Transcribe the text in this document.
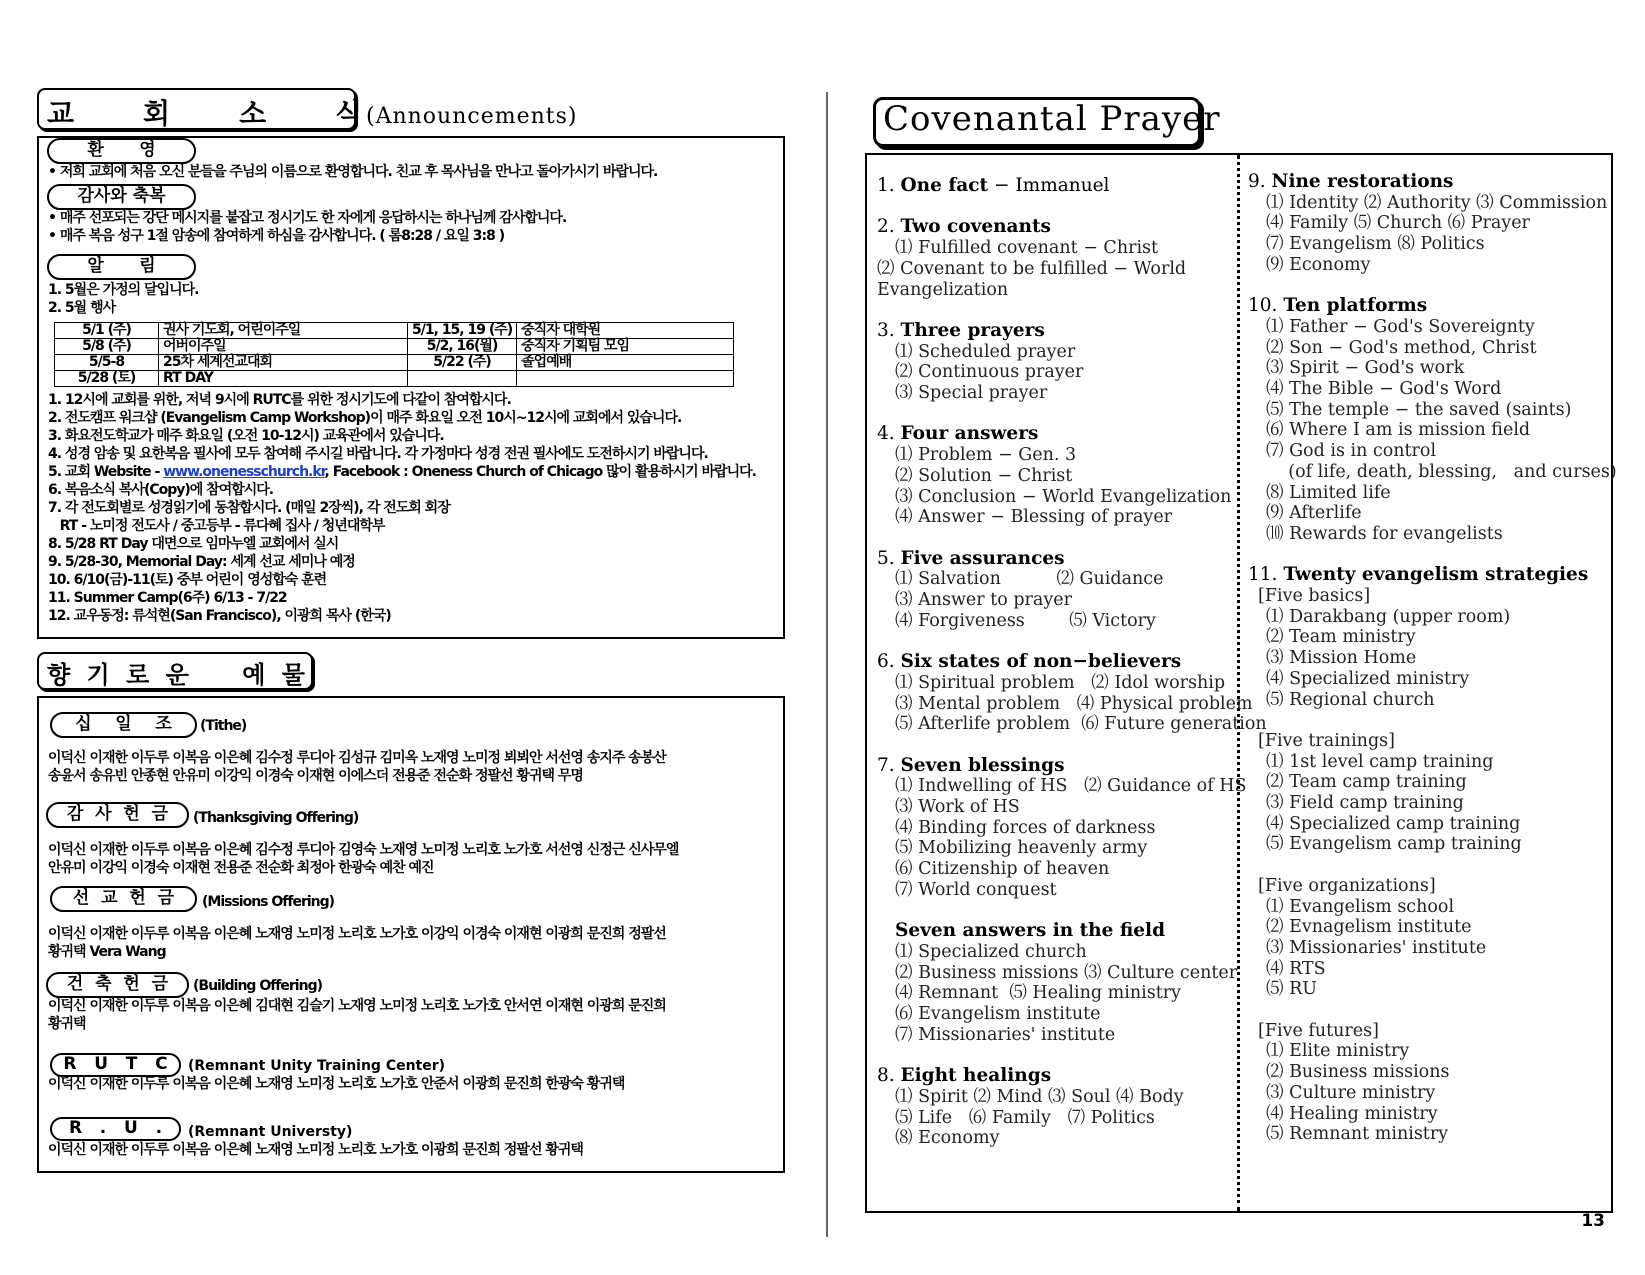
교    회    소    식
(Announcements)
환      영
• 저희 교회에 처음 오신 분들을 주님의 이름으로 환영합니다. 친교 후 목사님을 만나고 돌아가시기 바랍니다.
감사와 축복
• 매주 선포되는 강단 메시지를 붙잡고 정시기도 한 자에게 응답하시는 하나님께 감사합니다.
• 매주 복음 성구 1절 암송에 참여하게 하심을 감사합니다. ( 롬8:28 / 요일 3:8 )
알      림
1. 5월은 가정의 달입니다.
2. 5월 행사
5/1 (주)	권사 기도회, 어린이주일	5/1, 15, 19 (주)	중직자 대학원
5/8 (주)	어버이주일	5/2, 16(월)	중직자 기획팀 모임
5/5-8	25차 세계선교대회	5/22 (주)	졸업예배
5/28 (토)	RT DAY		
1. 12시에 교회를 위한, 저녁 9시에 RUTC를 위한 정시기도에 다같이 참여합시다.
2. 전도캠프 워크샵 (Evangelism Camp Workshop)이 매주 화요일 오전 10시~12시에 교회에서 있습니다.
3. 화요전도학교가 매주 화요일 (오전 10-12시) 교육관에서 있습니다.
4. 성경 암송 및 요한복음 필사에 모두 참여해 주시길 바랍니다. 각 가정마다 성경 전권 필사에도 도전하시기 바랍니다.
5. 교회 Website - www.onenesschurch.kr, Facebook : Oneness Church of Chicago 많이 활용하시기 바랍니다.
6. 복음소식 복사(Copy)에 참여합시다.
7. 각 전도회별로 성경읽기에 동참합시다. (매일 2장씩), 각 전도회 회장
RT - 노미정 전도사 / 중고등부 - 류다혜 집사 / 청년대학부
8. 5/28 RT Day 대면으로 임마누엘 교회에서 실시
9. 5/28-30, Memorial Day: 세계 선교 세미나 예정
10. 6/10(금)-11(토) 중부 어린이 영성합숙 훈련
11. Summer Camp(6주) 6/13 - 7/22
12. 교우동정: 류석현(San Francisco), 이광희 목사 (한국)
향 기 로 운    예 물
십    일    조	(Tithe)
이덕신 이재한 이두루 이복음 이은혜 김수정 루디아 김성규 김미옥 노재영 노미정 뵈뵈안 서선영 송지주 송봉산
송윤서 송유빈 안종현 안유미 이강익 이경숙 이재현 이에스더 전용준 전순화 정팔선 황귀택 무명
감  사  헌  금	(Thanksgiving Offering)
이덕신 이재한 이두루 이복음 이은혜 김수정 루디아 김영숙 노재영 노미정 노리호 노가호 서선영 신정근 신사무엘
안유미 이강익 이경숙 이재현 전용준 전순화 최정아 한광숙 예찬 예진
선  교  헌  금	(Missions Offering)
이덕신 이재한 이두루 이복음 이은혜 노재영 노미정 노리호 노가호 이강익 이경숙 이재현 이광희 문진희 정팔선
황귀택 Vera Wang
건  축  헌  금	(Building Offering)
이덕신 이재한 이두루 이복음 이은혜 김대현 김슬기 노재영 노미정 노리호 노가호 안서연 이재현 이광희 문진희
황귀택
R   U   T   C	(Remnant Unity Training Center)
이덕신 이재한 이두루 이복음 이은혜 노재영 노미정 노리호 노가호 안준서 이광희 문진희 한광숙 황귀택
R   .   U   .	(Remnant Universty)
이덕신 이재한 이두루 이복음 이은혜 노재영 노미정 노리호 노가호 이광희 문진희 정팔선 황귀택
Covenantal Prayer
1. One fact − Immanuel
2. Two covenants
⑴ Fulfilled covenant − Christ
⑵ Covenant to be fulfilled − World Evangelization
3. Three prayers
⑴ Scheduled prayer
⑵ Continuous prayer
⑶ Special prayer
4. Four answers
⑴ Problem − Gen. 3
⑵ Solution − Christ
⑶ Conclusion − World Evangelization
⑷ Answer − Blessing of prayer
5. Five assurances
⑴ Salvation          ⑵ Guidance
⑶ Answer to prayer
⑷ Forgiveness        ⑸ Victory
6. Six states of non−believers
⑴ Spiritual problem   ⑵ Idol worship
⑶ Mental problem   ⑷ Physical problem
⑸ Afterlife problem  ⑹ Future generation
7. Seven blessings
⑴ Indwelling of HS   ⑵ Guidance of HS
⑶ Work of HS
⑷ Binding forces of darkness
⑸ Mobilizing heavenly army
⑹ Citizenship of heaven
⑺ World conquest
Seven answers in the field
⑴ Specialized church
⑵ Business missions ⑶ Culture center
⑷ Remnant  ⑸ Healing ministry
⑹ Evangelism institute
⑺ Missionaries' institute
8. Eight healings
⑴ Spirit ⑵ Mind ⑶ Soul ⑷ Body
⑸ Life   ⑹ Family   ⑺ Politics
⑻ Economy
9. Nine restorations
⑴ Identity ⑵ Authority ⑶ Commission
⑷ Family ⑸ Church ⑹ Prayer
⑺ Evangelism ⑻ Politics
⑼ Economy
10. Ten platforms
⑴ Father − God's Sovereignty
⑵ Son − God's method, Christ
⑶ Spirit − God's work
⑷ The Bible − God's Word
⑸ The temple − the saved (saints)
⑹ Where I am is mission field
⑺ God is in control
(of life, death, blessing,   and curses)
⑻ Limited life
⑼ Afterlife
⑽ Rewards for evangelists
11. Twenty evangelism strategies
[Five basics]
⑴ Darakbang (upper room)
⑵ Team ministry
⑶ Mission Home
⑷ Specialized ministry
⑸ Regional church
[Five trainings]
⑴ 1st level camp training
⑵ Team camp training
⑶ Field camp training
⑷ Specialized camp training
⑸ Evangelism camp training
[Five organizations]
⑴ Evangelism school
⑵ Evnagelism institute
⑶ Missionaries' institute
⑷ RTS
⑸ RU
[Five futures]
⑴ Elite ministry
⑵ Business missions
⑶ Culture ministry
⑷ Healing ministry
⑸ Remnant ministry
13
